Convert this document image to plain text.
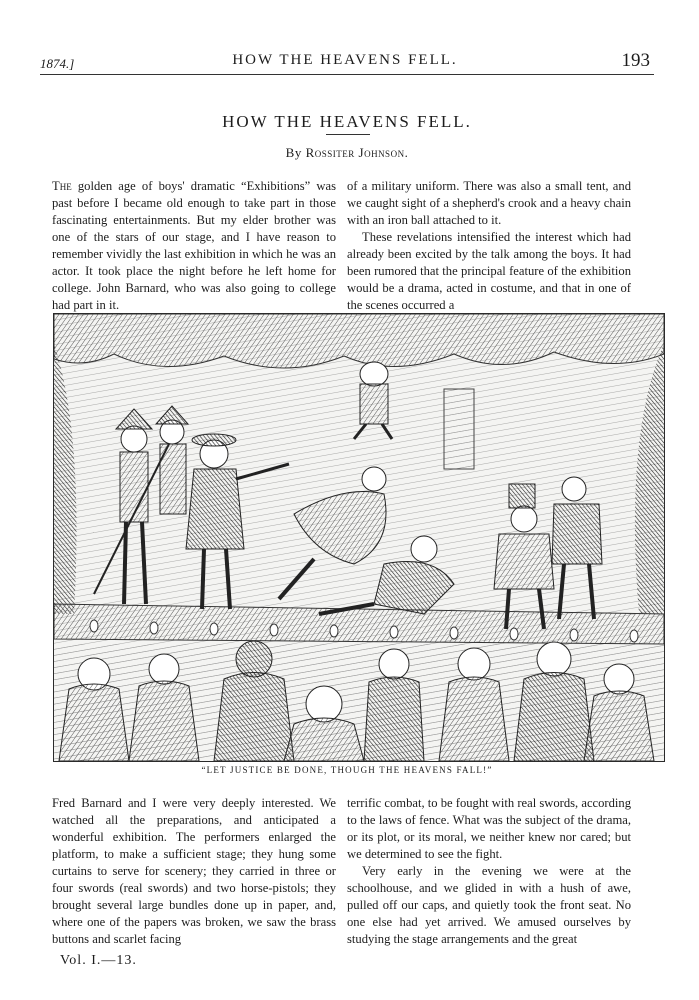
1874.]	HOW THE HEAVENS FELL.	193
HOW THE HEAVENS FELL.
By Rossiter Johnson.

The golden age of boys' dramatic “Exhibitions” was past before I became old enough to take part in those fascinating entertainments. But my elder brother was one of the stars of our stage, and I have reason to remember vividly the last exhibition in which he was an actor. It took place the night before he left home for college. John Barnard, who was also going to college had part in it.

of a military uniform. There was also a small tent, and we caught sight of a shepherd's crook and a heavy chain with an iron ball attached to it.

These revelations intensified the interest which had already been excited by the talk among the boys. It had been rumored that the principal feature of the exhibition would be a drama, acted in costume, and that in one of the scenes occurred a

“LET JUSTICE BE DONE, THOUGH THE HEAVENS FALL!”

Fred Barnard and I were very deeply interested. We watched all the preparations, and anticipated a wonderful exhibition. The performers enlarged the platform, to make a sufficient stage; they hung some curtains to serve for scenery; they carried in three or four swords (real swords) and two horse-pistols; they brought several large bundles done up in paper, and, where one of the papers was broken, we saw the brass buttons and scarlet facing

terrific combat, to be fought with real swords, according to the laws of fence. What was the subject of the drama, or its plot, or its moral, we neither knew nor cared; but we determined to see the fight.

Very early in the evening we were at the schoolhouse, and we glided in with a hush of awe, pulled off our caps, and quietly took the front seat. No one else had yet arrived. We amused ourselves by studying the stage arrangements and the great

Vol. I.—13.
